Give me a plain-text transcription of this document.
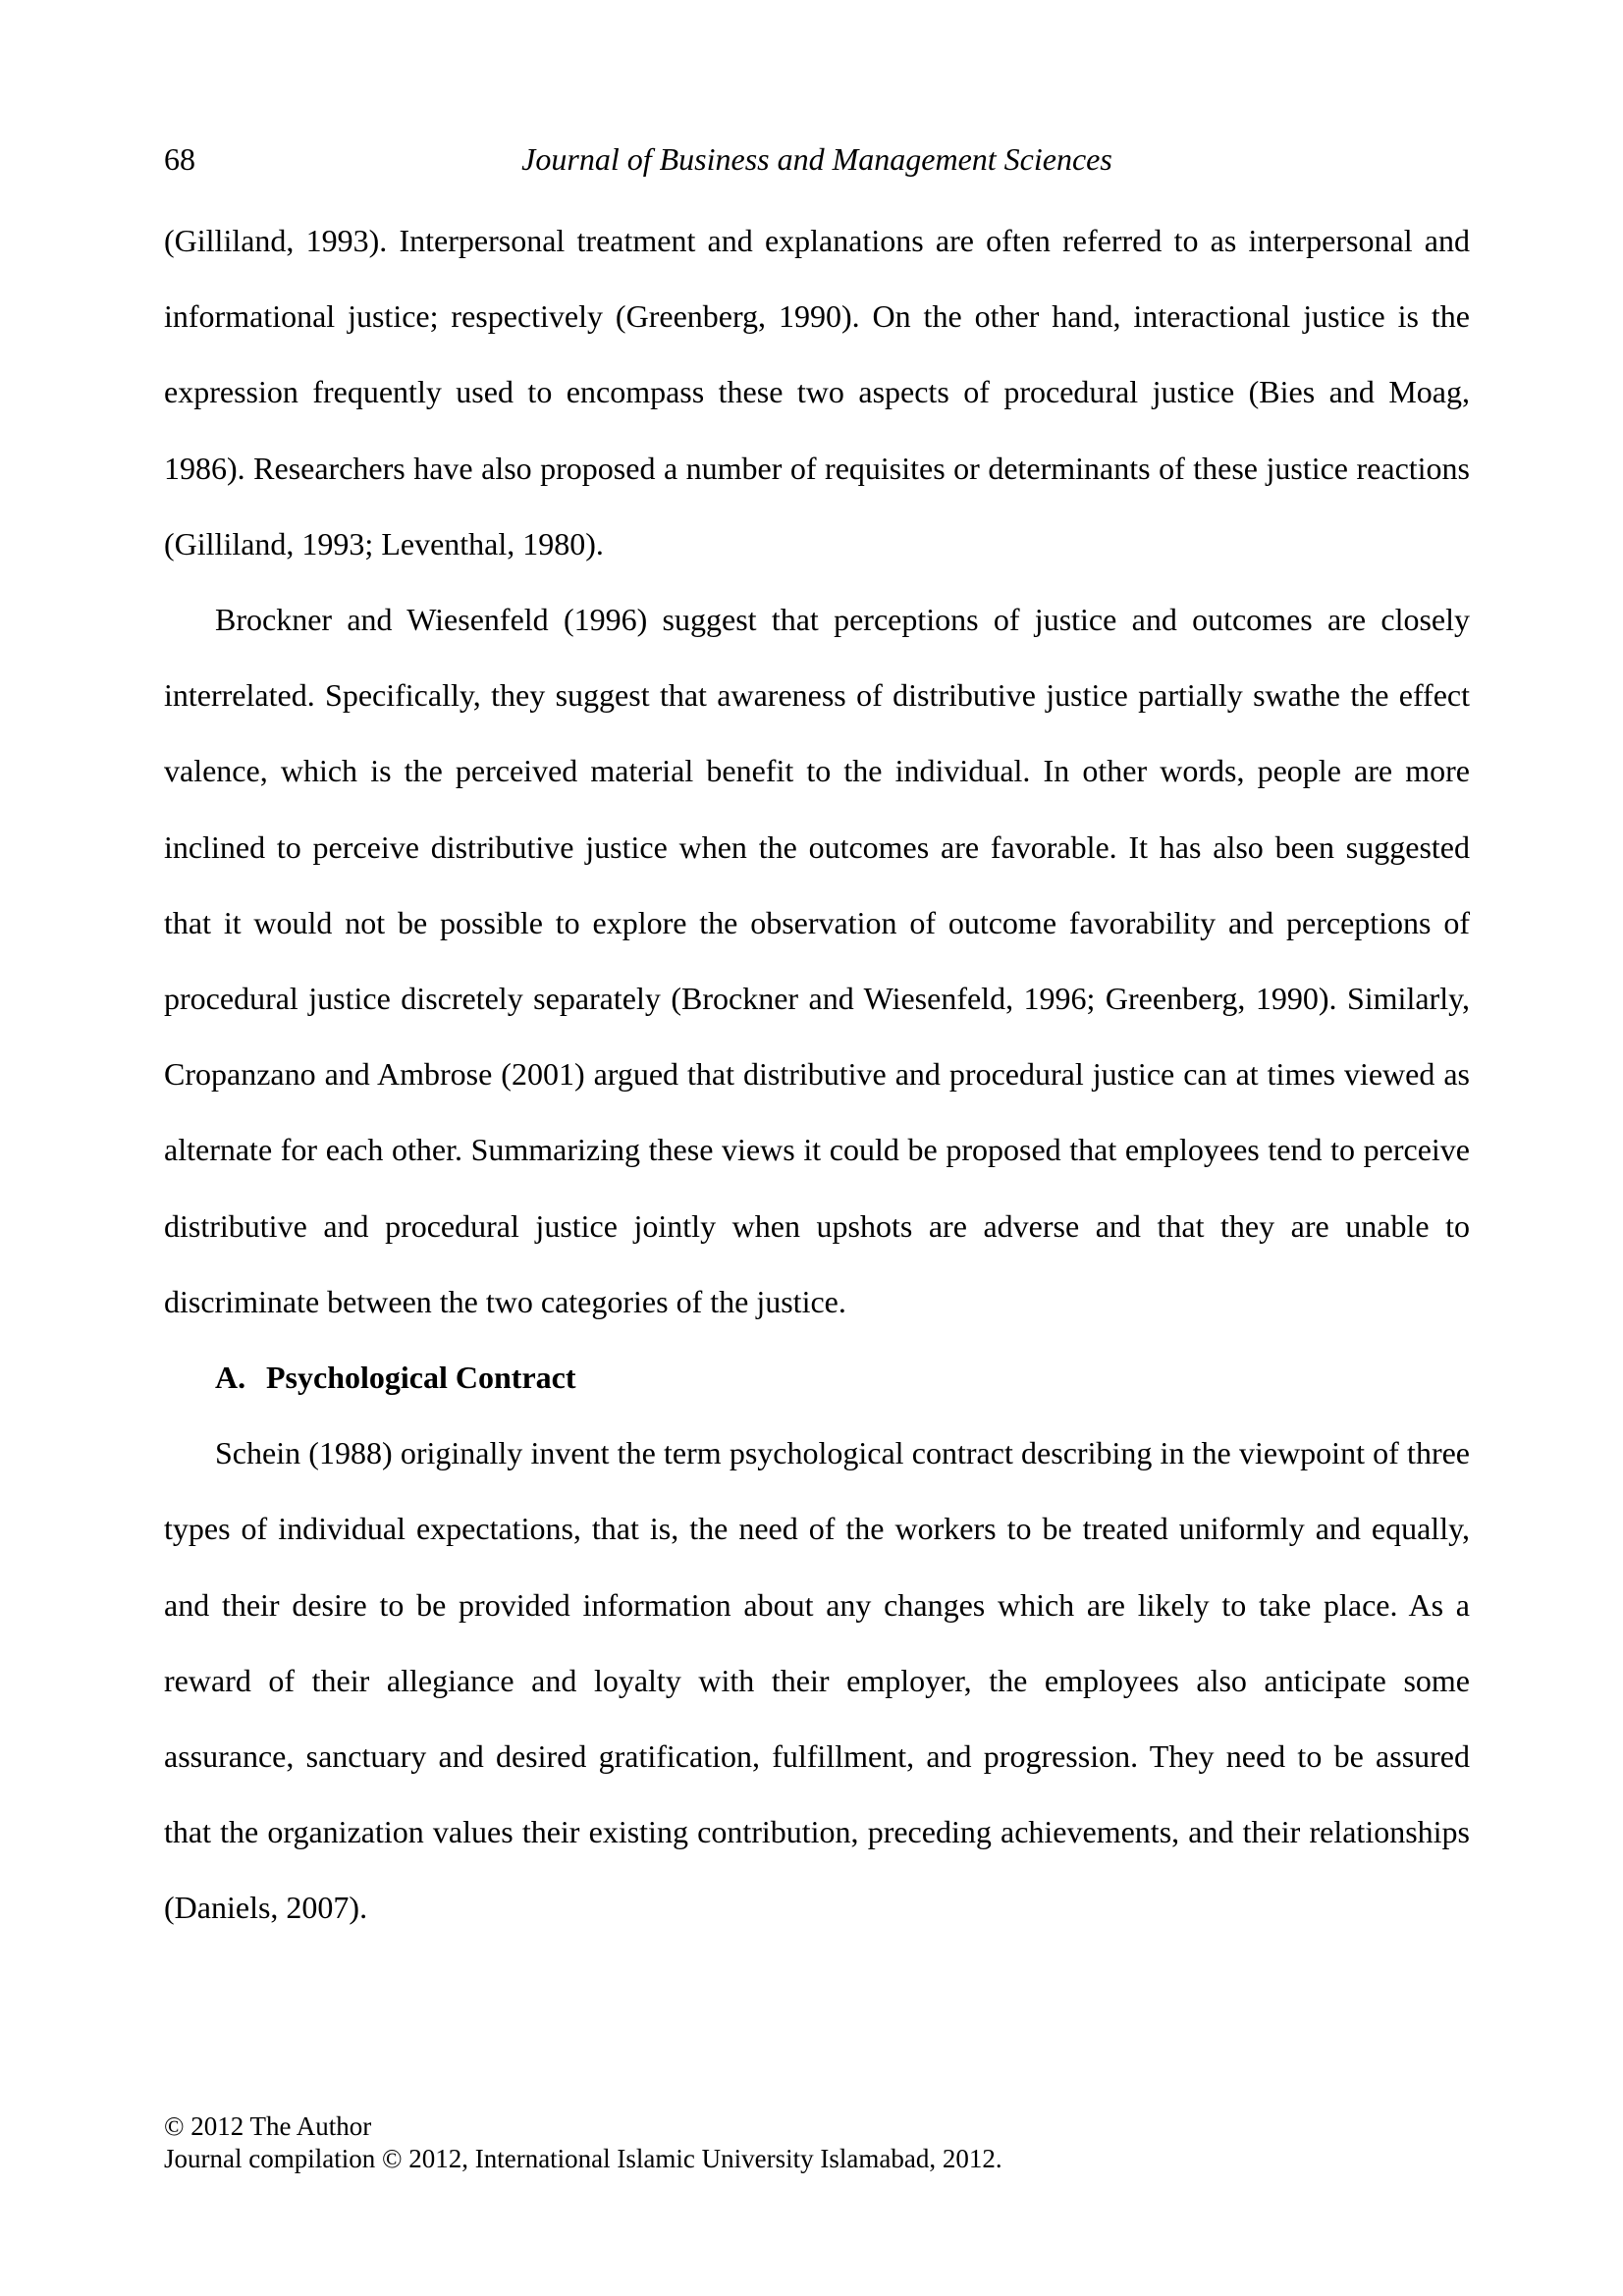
68	Journal of Business and Management Sciences

(Gilliland, 1993). Interpersonal treatment and explanations are often referred to as interpersonal and informational justice; respectively (Greenberg, 1990). On the other hand, interactional justice is the expression frequently used to encompass these two aspects of procedural justice (Bies and Moag, 1986). Researchers have also proposed a number of requisites or determinants of these justice reactions (Gilliland, 1993; Leventhal, 1980).

Brockner and Wiesenfeld (1996) suggest that perceptions of justice and outcomes are closely interrelated. Specifically, they suggest that awareness of distributive justice partially swathe the effect valence, which is the perceived material benefit to the individual. In other words, people are more inclined to perceive distributive justice when the outcomes are favorable. It has also been suggested that it would not be possible to explore the observation of outcome favorability and perceptions of procedural justice discretely separately (Brockner and Wiesenfeld, 1996; Greenberg, 1990). Similarly, Cropanzano and Ambrose (2001) argued that distributive and procedural justice can at times viewed as alternate for each other. Summarizing these views it could be proposed that employees tend to perceive distributive and procedural justice jointly when upshots are adverse and that they are unable to discriminate between the two categories of the justice.

A. Psychological Contract

Schein (1988) originally invent the term psychological contract describing in the viewpoint of three types of individual expectations, that is, the need of the workers to be treated uniformly and equally, and their desire to be provided information about any changes which are likely to take place. As a reward of their allegiance and loyalty with their employer, the employees also anticipate some assurance, sanctuary and desired gratification, fulfillment, and progression. They need to be assured that the organization values their existing contribution, preceding achievements, and their relationships (Daniels, 2007).

© 2012 The Author
Journal compilation © 2012, International Islamic University Islamabad, 2012.
